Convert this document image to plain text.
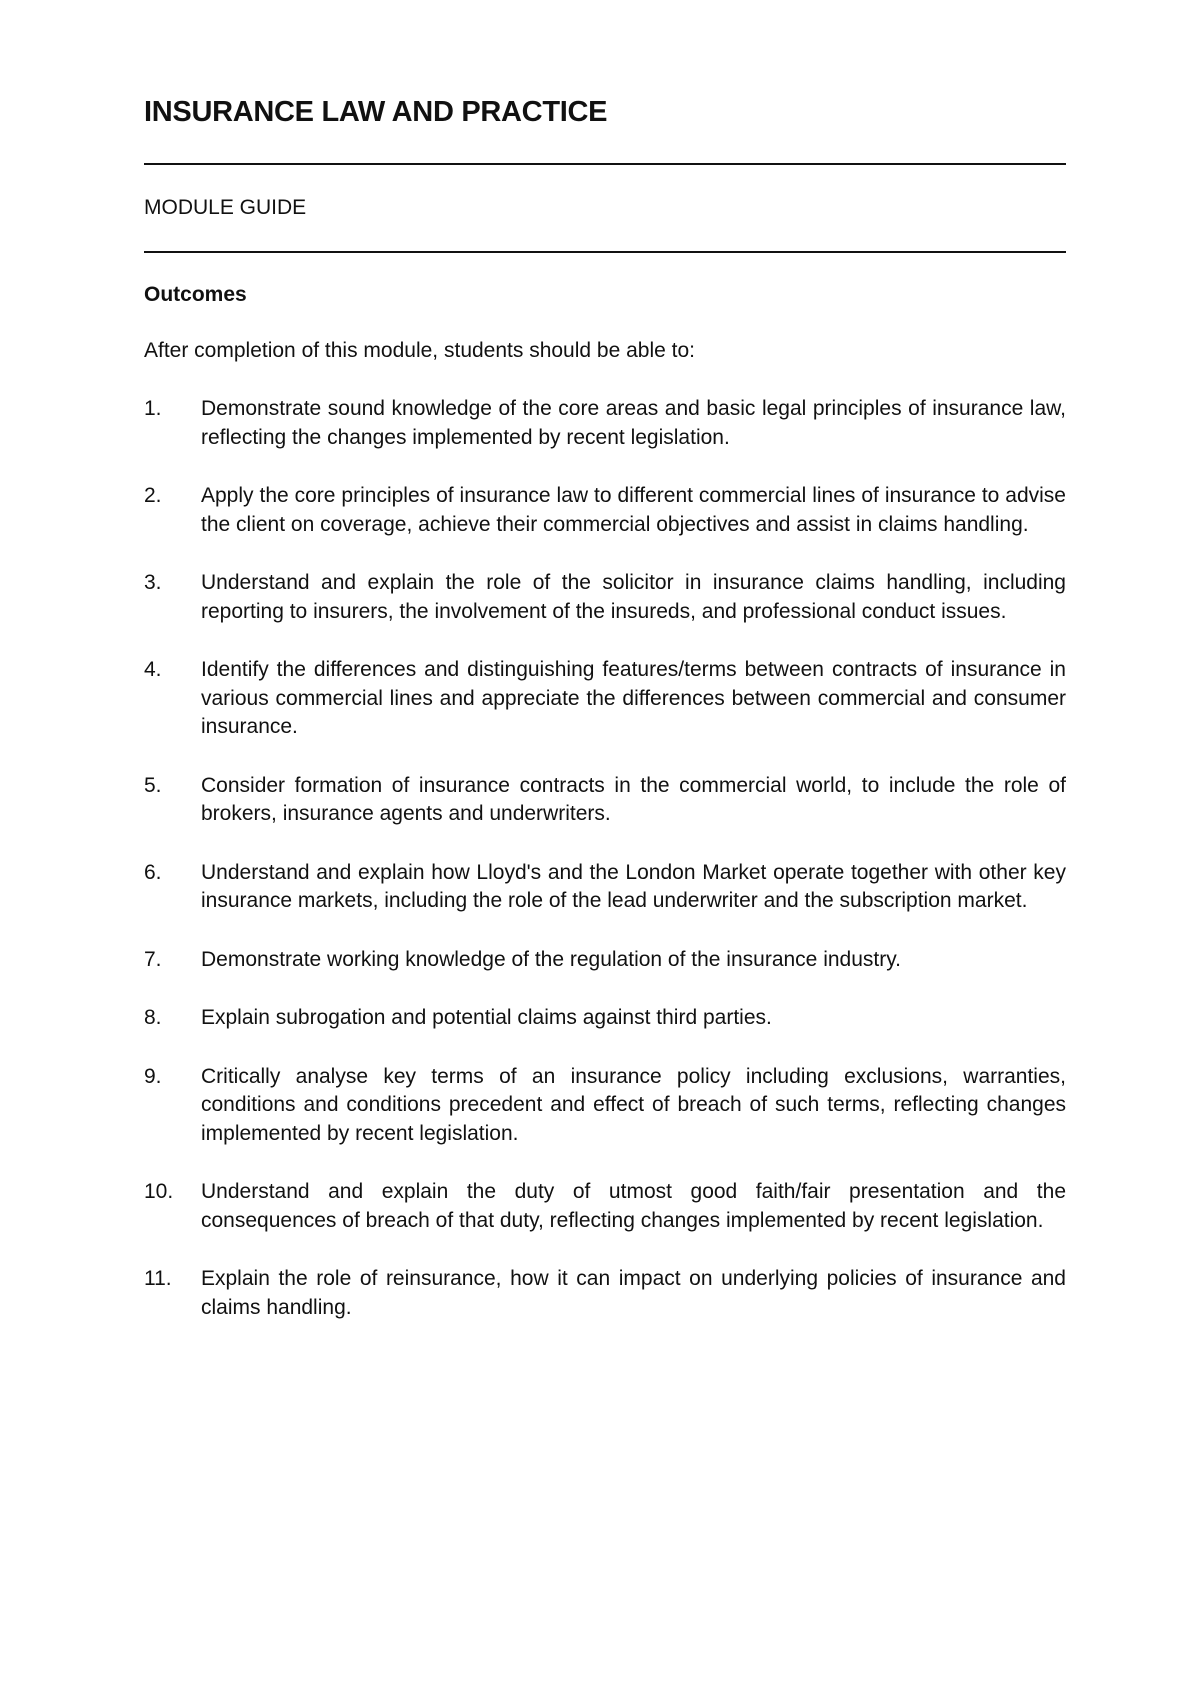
INSURANCE LAW AND PRACTICE

MODULE GUIDE

Outcomes

After completion of this module, students should be able to:

1.	Demonstrate sound knowledge of the core areas and basic legal principles of insurance law, reflecting the changes implemented by recent legislation.
2.	Apply the core principles of insurance law to different commercial lines of insurance to advise the client on coverage, achieve their commercial objectives and assist in claims handling.
3.	Understand and explain the role of the solicitor in insurance claims handling, including reporting to insurers, the involvement of the insureds, and professional conduct issues.
4.	Identify the differences and distinguishing features/terms between contracts of insurance in various commercial lines and appreciate the differences between commercial and consumer insurance.
5.	Consider formation of insurance contracts in the commercial world, to include the role of brokers, insurance agents and underwriters.
6.	Understand and explain how Lloyd's and the London Market operate together with other key insurance markets, including the role of the lead underwriter and the subscription market.
7.	Demonstrate working knowledge of the regulation of the insurance industry.
8.	Explain subrogation and potential claims against third parties.
9.	Critically analyse key terms of an insurance policy including exclusions, warranties, conditions and conditions precedent and effect of breach of such terms, reflecting changes implemented by recent legislation.
10.	Understand and explain the duty of utmost good faith/fair presentation and the consequences of breach of that duty, reflecting changes implemented by recent legislation.
11.	Explain the role of reinsurance, how it can impact on underlying policies of insurance and claims handling.
